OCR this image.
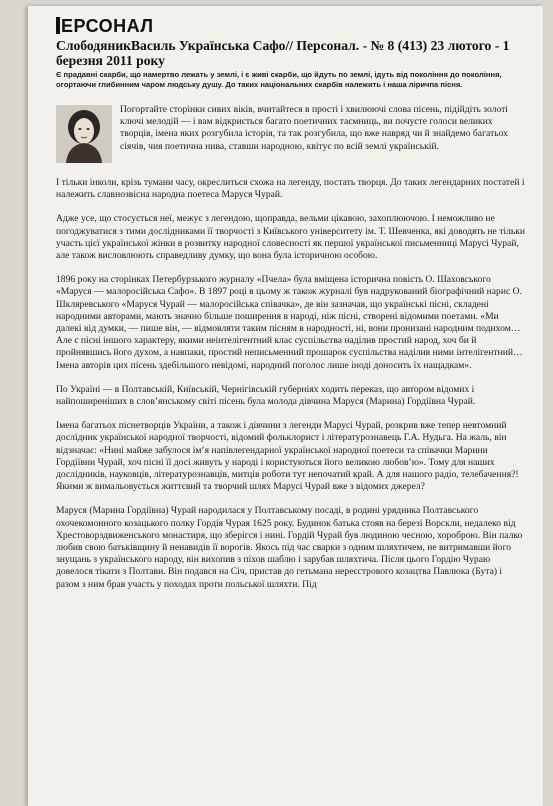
ЕРСОНАЛ
СлободяникВасиль Українська Сафо// Персонал. - № 8 (413) 23 лютого - 1 березня 2011 року
Є прадавні скарби, що намертво лежать у землі, і є живі скарби, що йдуть по землі, ідуть від покоління до покоління, огортаючи глибинним чаром людську душу. До таких національних скарбів належить і наша ліричпа пісня.
Погортайте сторінки сивих віків, вчитайтеся в прості і хвилюючі слова пісень, підійдіть золоті ключі мелодій — і вам відкриється багато поетичних таємниць, ви почуєте голоси великих творців, імена яких розгубила історія, та так розгубила, що вже навряд чи й знайдемо багатьох сіячів, чия поетична нива, ставши народною, квітує по всій землі українській.
І тільки інколи, крізь тумани часу, окреслиться схожа на легенду, постать творця. До таких легендарних постатей і належить славнозвісна народна поетеса Маруся Чурай.
Адже усе, що стосується неї, межує з легендою, щоправда, вельми цікавою, захоплюючою. І неможливо не погоджуватися з тими дослідниками її творчості з Київського університету ім. Т. Шевченка, які доводять не тільки участь цієї української жінки в розвитку народної словесності як першої української письменниці Марусі Чурай, але також висловлюють справедливу думку, що вона була історичною особою.
1896 року на сторінках Петербурзького журналу «Пчела» була вміщена історична повість О. Шаховського «Маруся — малоросійська Сафо». В 1897 році в цьому ж також журналі був надрукований біографічний нарис О. Шкляревського «Маруся Чурай — малоросійська співачка», де він зазначав, що українські пісні, складені народними авторами, мають значно більше поширення в народі, ніж пісні, створені відомими поетами. «Ми далекі від думки, — пише він, — відмовляти таким пісням в народності, ні, вони пронизані народним подихом… Але є пісні іншого характеру, якими неінтелігентний клас суспільства наділив простий народ, хоч би й пройнявшись його духом, а навпаки, простий неписьменний прошарок суспільства наділив ними інтелігентний… Імена авторів цих пісень здебільшого невідомі, народний поголос лише іноді доносить їх нащадкам».
По Україні — в Полтавській, Київській, Чернігівській губерніях ходить переказ, що автором відомих і найпоширеніших в слов’янському світі пісень була молода дівчина Маруся (Марина) Гордіївна Чурай.
Імена багатьох піснетворців України, а також і дівчини з легенди Марусі Чурай, розкрив вже тепер невтомний дослідник української народної творчості, відомий фольклорист і літературознавець Г.А. Нудьга. На жаль, він відзначає: «Нині майже забулося ім’я напівлегендарної української народної поетеси та співачки Марини Гордіївни Чурай, хоч пісні її досі живуть у народі і користуються його великою любов’ю». Тому для наших дослідників, науковців, літературознавців, митців роботи тут непочатий край. А для нашого радіо, телебачення?! Якими ж вимальовується життєвий та творчий шлях Марусі Чурай вже з відомих джерел?
Маруся (Марина Гордіївна) Чурай народилася у Полтавському посаді, в родині урядника Полтавського охочекомонного козацького полку Гордія Чурая 1625 року. Будинок батька стояв на березі Ворскли, недалеко від Хрестоворздвиженського монастиря, що зберігся і нині. Гордій Чурай був людиною чесною, хороброю. Він палко любив свою батьківщину й ненавидів її ворогів. Якось під час сварки з одним шляхтичем, не витримавши його знущань з українського народу, він вихопив з піхов шаблю і зарубав шляхтича. Після цього Гордію Чураю довелося тікати з Полтави. Він подався на Січ, пристав до гетьмана нереєстрового козацтва Павлюка (Бута) і разом з ним брав участь у походах проти польської шляхти. Під
